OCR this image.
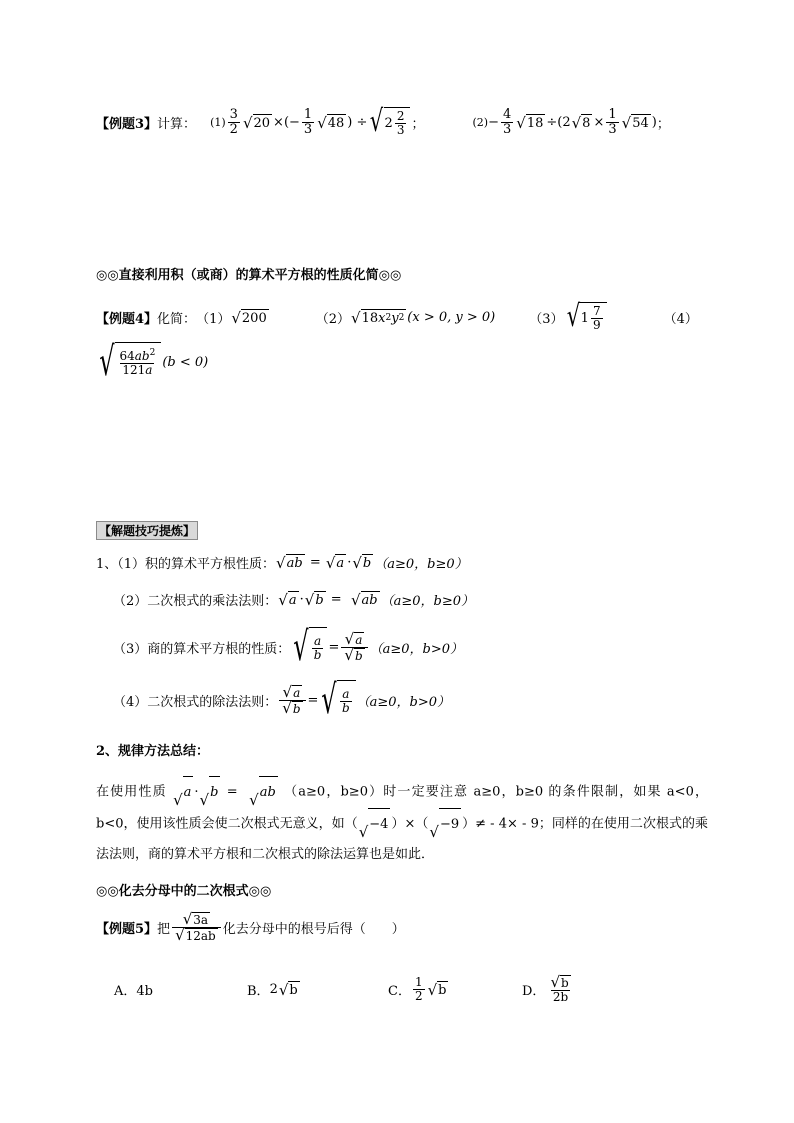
【例题3】 计算： $(1) \frac{3}{2}$ √ 20 ×(− $\frac{1}{3}$ √ 48 ) ÷ √ $2 \frac{2}{3}$ ；	$(2) - \frac{4}{3}$ √ 18 ÷(2 √ $8 \times \frac{1}{3}$ √ 54 ) ；
◎◎直接利用积（或商）的算术平方根的性质化简◎◎
【例题4】 化简： （1） √ 200	（2） √ 18 x 2 y 2 (x > 0, y > 0)	（3） √ $1 \frac{7}{9}$	（4）
√ $\frac{64ab^2}{121a} (b < 0)$
【解题技巧提炼】
1、（1）积的算术平方根性质： √ ab = √ a · √ b （a≥0，b≥0）
（2）二次根式的乘法法则： √ a · √ b = √ ab （a≥0，b≥0）
（3）商的算术平方根的性质： √ $\frac{a}{b} = \frac{√ a}{√ b} (a\ge 0$，b>0）
（4）二次根式的除法法则： $\frac{√ a}{√ b}$ = √ $\frac{a}{b} (a\ge 0$，b>0）
2、规律方法总结：
在使用性质 √ a · √ b = √ ab （a≥0，b≥0）时一定要注意 a≥0，b≥0 的条件限制，如果 a<0，b<0，使用该性质会使二次根式无意义，如（ √ −4 ）×（ √ −9 ）≠ - 4× - 9；同样的在使用二次根式的乘法法则，商的算术平方根和二次根式的除法运算也是如此．
◎◎化去分母中的二次根式◎◎
【例题5】 把 $\frac{√ 3a}{√ 12ab}$ 化去分母中的根号后得（　　）
A．4b	B． 2 √ b	C． $\frac{1}{2}$ √ b	D． $\frac{√ b}{2b}$
